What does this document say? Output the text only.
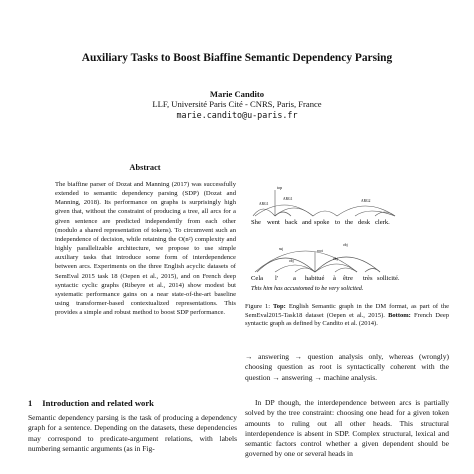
Auxiliary Tasks to Boost Biaffine Semantic Dependency Parsing
Marie Candito
LLF, Université Paris Cité - CNRS, Paris, France
marie.candito@u-paris.fr
Abstract

The biaffine parser of Dozat and Manning (2017) was successfully extended to semantic dependency parsing (SDP) (Dozat and Manning, 2018). Its performance on graphs is surprisingly high given that, without the constraint of producing a tree, all arcs for a given sentence are predicted independently from each other (modulo a shared representation of tokens). To circumvent such an independence of decision, while retaining the O(n²) complexity and highly parallelizable architecture, we propose to use simple auxiliary tasks that introduce some form of interdependence between arcs. Experiments on the three English acyclic datasets of SemEval 2015 task 18 (Oepen et al., 2015), and on French deep syntactic cyclic graphs (Ribeyre et al., 2014) show modest but systematic performance gains on a near state-of-the-art baseline using transformer-based contextualized representations. This provides a simple and robust method to boost SDP performance.

1 Introduction and related work

Semantic dependency parsing is the task of producing a dependency graph for a sentence. Depending on the datasets, these dependencies may correspond to predicate-argument relations, with labels numbering semantic arguments (as in Fig-

top
ARG1
ARG1	ARG2
She went back and spoke to the desk clerk.
obj
suj	root
obj	obj
Cela l' a habitué à être très sollicité.
This him has accustomed to be very solicited.

Figure 1: Top: English Semantic graph in the DM format, as part of the SemEval2015-Task18 dataset (Oepen et al., 2015). Bottom: French Deep syntactic graph as defined by Candito et al. (2014).

→ answering → question analysis only, whereas (wrongly) choosing question as root is syntactically coherent with the question → answering → machine analysis.

In DP though, the interdependence between arcs is partially solved by the tree constraint: choosing one head for a given token amounts to ruling out all other heads. This structural interdependence is absent in SDP. Complex structural, lexical and semantic factors control whether a given dependent should be governed by one or several heads in
